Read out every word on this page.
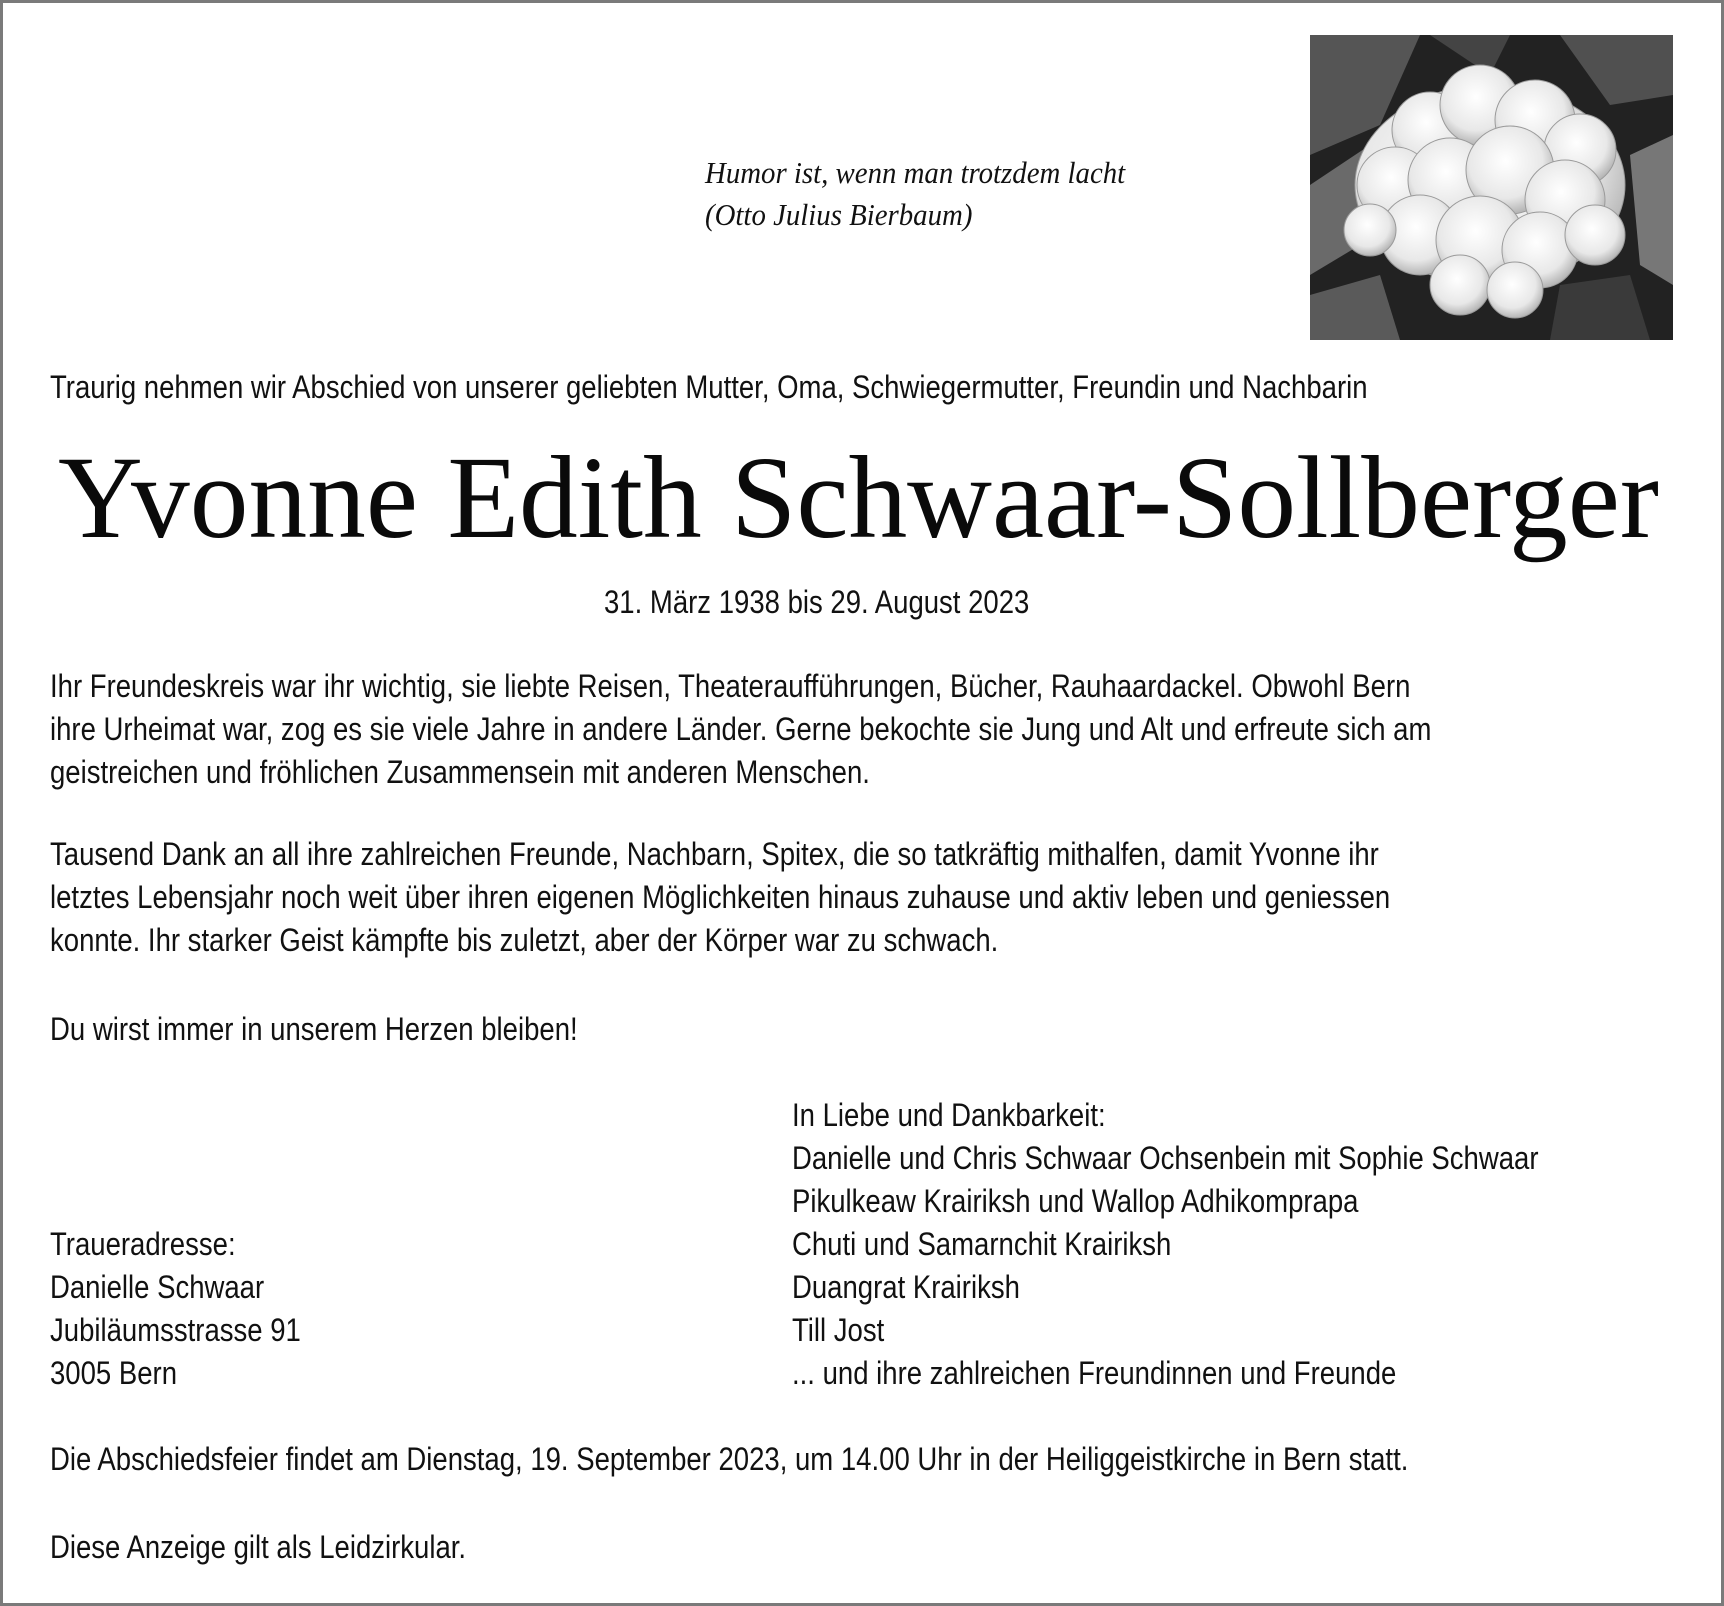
Humor ist, wenn man trotzdem lacht
(Otto Julius Bierbaum)
Traurig nehmen wir Abschied von unserer geliebten Mutter, Oma, Schwiegermutter, Freundin und Nachbarin
Yvonne Edith Schwaar-Sollberger
31. März 1938 bis 29. August 2023
Ihr Freundeskreis war ihr wichtig, sie liebte Reisen, Theateraufführungen, Bücher, Rauhaardackel. Obwohl Bern
ihre Urheimat war, zog es sie viele Jahre in andere Länder. Gerne bekochte sie Jung und Alt und erfreute sich am
geistreichen und fröhlichen Zusammensein mit anderen Menschen.
Tausend Dank an all ihre zahlreichen Freunde, Nachbarn, Spitex, die so tatkräftig mithalfen, damit Yvonne ihr
letztes Lebensjahr noch weit über ihren eigenen Möglichkeiten hinaus zuhause und aktiv leben und geniessen
konnte. Ihr starker Geist kämpfte bis zuletzt, aber der Körper war zu schwach.
Du wirst immer in unserem Herzen bleiben!
In Liebe und Dankbarkeit:
Danielle und Chris Schwaar Ochsenbein mit Sophie Schwaar
Pikulkeaw Krairiksh und Wallop Adhikomprapa
Chuti und Samarnchit Krairiksh
Duangrat Krairiksh
Till Jost
... und ihre zahlreichen Freundinnen und Freunde
Traueradresse:
Danielle Schwaar
Jubiläumsstrasse 91
3005 Bern
Die Abschiedsfeier findet am Dienstag, 19. September 2023, um 14.00 Uhr in der Heiliggeistkirche in Bern statt.
Diese Anzeige gilt als Leidzirkular.
